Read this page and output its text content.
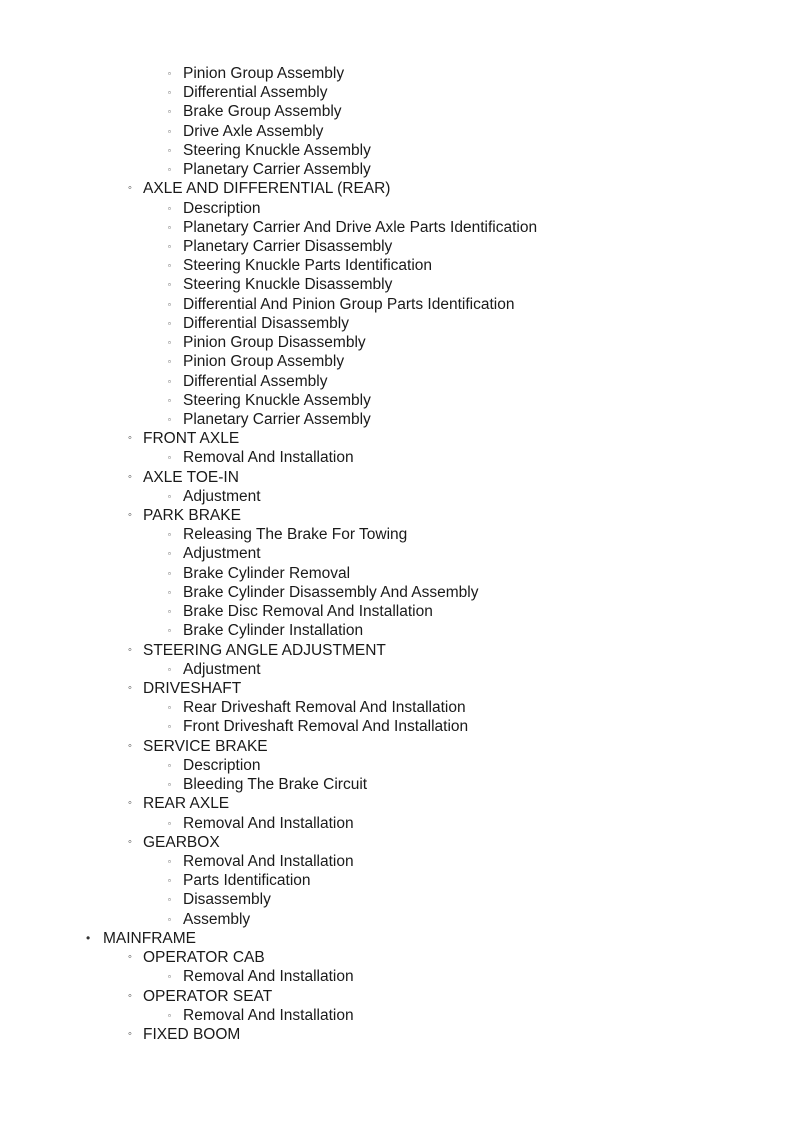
▫ Pinion Group Assembly
▫ Differential Assembly
▫ Brake Group Assembly
▫ Drive Axle Assembly
▫ Steering Knuckle Assembly
▫ Planetary Carrier Assembly
◦ AXLE AND DIFFERENTIAL (REAR)
▫ Description
▫ Planetary Carrier And Drive Axle Parts Identification
▫ Planetary Carrier Disassembly
▫ Steering Knuckle Parts Identification
▫ Steering Knuckle Disassembly
▫ Differential And Pinion Group Parts Identification
▫ Differential Disassembly
▫ Pinion Group Disassembly
▫ Pinion Group Assembly
▫ Differential Assembly
▫ Steering Knuckle Assembly
▫ Planetary Carrier Assembly
◦ FRONT AXLE
▫ Removal And Installation
◦ AXLE TOE-IN
▫ Adjustment
◦ PARK BRAKE
▫ Releasing The Brake For Towing
▫ Adjustment
▫ Brake Cylinder Removal
▫ Brake Cylinder Disassembly And Assembly
▫ Brake Disc Removal And Installation
▫ Brake Cylinder Installation
◦ STEERING ANGLE ADJUSTMENT
▫ Adjustment
◦ DRIVESHAFT
▫ Rear Driveshaft Removal And Installation
▫ Front Driveshaft Removal And Installation
◦ SERVICE BRAKE
▫ Description
▫ Bleeding The Brake Circuit
◦ REAR AXLE
▫ Removal And Installation
◦ GEARBOX
▫ Removal And Installation
▫ Parts Identification
▫ Disassembly
▫ Assembly
• MAINFRAME
◦ OPERATOR CAB
▫ Removal And Installation
◦ OPERATOR SEAT
▫ Removal And Installation
◦ FIXED BOOM
